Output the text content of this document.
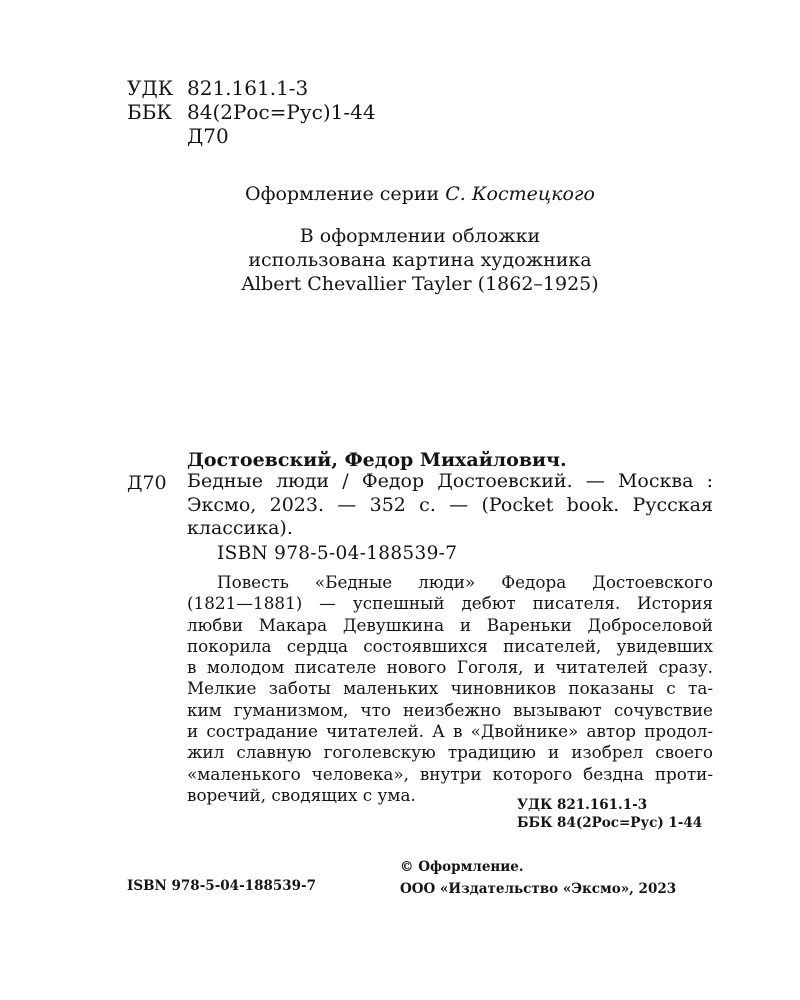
УДК 821.161.1-3
ББК 84(2Рос=Рус)1-44
Д70
Оформление серии С. Костецкого
В оформлении обложки
использована картина художника
Albert Chevallier Tayler (1862–1925)
Достоевский, Федор Михайлович.
Д70 Бедные люди / Федор Достоевский. — Москва :
Эксмо, 2023. — 352 с. — (Pocket book. Русская
классика).
ISBN 978-5-04-188539-7
Повесть «Бедные люди» Федора Достоевского
(1821—1881) — успешный дебют писателя. История
любви Макара Девушкина и Вареньки Доброселовой
покорила сердца состоявшихся писателей, увидевших
в молодом писателе нового Гоголя, и читателей сразу.
Мелкие заботы маленьких чиновников показаны с та-
ким гуманизмом, что неизбежно вызывают сочувствие
и сострадание читателей. А в «Двойнике» автор продол-
жил славную гоголевскую традицию и изобрел своего
«маленького человека», внутри которого бездна проти-
воречий, сводящих с ума.
УДК 821.161.1-3
ББК 84(2Рос=Рус) 1-44
ISBN 978-5-04-188539-7
© Оформление.
ООО «Издательство «Эксмо», 2023
